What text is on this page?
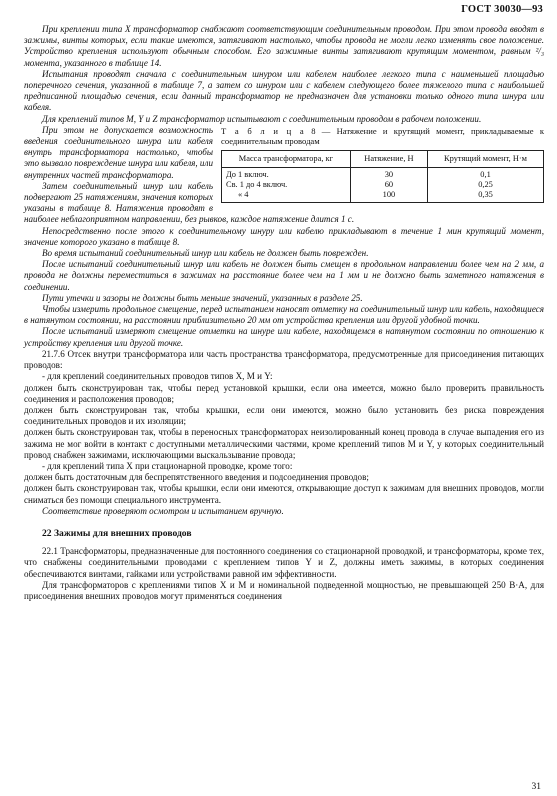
ГОСТ 30030—93

При креплении типа X трансформатор снабжают соответствующим соединительным проводом. При этом провода вводят в зажимы, винты которых, если такие имеются, затягивают настолько, чтобы провода не могли легко изменять свое положение. Устройство крепления используют обычным способом. Его зажимные винты затягивают крутящим моментом, равным ²/₃ момента, указанного в таблице 14.

Испытания проводят сначала с соединительным шнуром или кабелем наиболее легкого типа с наименьшей площадью поперечного сечения, указанной в таблице 7, а затем со шнуром или с кабелем следующего более тяжелого типа с наибольшей предписанной площадью сечения, если данный трансформатор не предназначен для установки только одного типа шнура или кабеля.

Для креплений типов M, Y и Z трансформатор испытывают с соединительным проводом в рабочем положении.

Т а б л и ц а 8 — Натяжение и крутящий момент, прикладываемые к соединительным проводам

Масса трансформатора, кг	Натяжение, Н	Крутящий момент, Н·м
До 1 включ.	30	0,1
Св. 1 до 4 включ.	60	0,25
« 4	100	0,35

При этом не допускается возможность введения соединительного шнура или кабеля внутрь трансформатора настолько, чтобы это вызвало повреждение шнура или кабеля, или внутренних частей трансформатора.

Затем соединительный шнур или кабель подвергают 25 натяжениям, значения которых указаны в таблице 8. Натяжения проводят в наиболее неблагоприятном направлении, без рывков, каждое натяжение длится 1 с.

Непосредственно после этого к соединительному шнуру или кабелю прикладывают в течение 1 мин крутящий момент, значение которого указано в таблице 8.

Во время испытаний соединительный шнур или кабель не должен быть поврежден.

После испытаний соединительный шнур или кабель не должен быть смещен в продольном направлении более чем на 2 мм, а провода не должны переместиться в зажимах на расстояние более чем на 1 мм и не должно быть заметного натяжения в соединении.

Пути утечки и зазоры не должны быть меньше значений, указанных в разделе 25.

Чтобы измерить продольное смещение, перед испытанием наносят отметку на соединительный шнур или кабель, находящиеся в натянутом состоянии, на расстоянии приблизительно 20 мм от устройства крепления или другой удобной точки.

После испытаний измеряют смещение отметки на шнуре или кабеле, находящемся в натянутом состоянии по отношению к устройству крепления или другой точке.

21.7.6 Отсек внутри трансформатора или часть пространства трансформатора, предусмотренные для присоединения питающих проводов:

- для креплений соединительных проводов типов X, M и Y:

должен быть сконструирован так, чтобы перед установкой крышки, если она имеется, можно было проверить правильность соединения и расположения проводов;

должен быть сконструирован так, чтобы крышки, если они имеются, можно было установить без риска повреждения соединительных проводов и их изоляции;

должен быть сконструирован так, чтобы в переносных трансформаторах неизолированный конец провода в случае выпадения его из зажима не мог войти в контакт с доступными металлическими частями, кроме креплений типов M и Y, у которых соединительный провод снабжен зажимами, исключающими выскальзывание провода;

- для креплений типа X при стационарной проводке, кроме того:

должен быть достаточным для беспрепятственного введения и подсоединения проводов;

должен быть сконструирован так, чтобы крышки, если они имеются, открывающие доступ к зажимам для внешних проводов, могли сниматься без помощи специального инструмента.

Соответствие проверяют осмотром и испытанием вручную.

22 Зажимы для внешних проводов

22.1 Трансформаторы, предназначенные для постоянного соединения со стационарной проводкой, и трансформаторы, кроме тех, что снабжены соединительными проводами с креплением типов Y и Z, должны иметь зажимы, в которых соединения обеспечиваются винтами, гайками или устройствами равной им эффективности.

Для трансформаторов с креплениями типов X и M и номинальной подведенной мощностью, не превышающей 250 В·А, для присоединения внешних проводов могут применяться соединения

31
